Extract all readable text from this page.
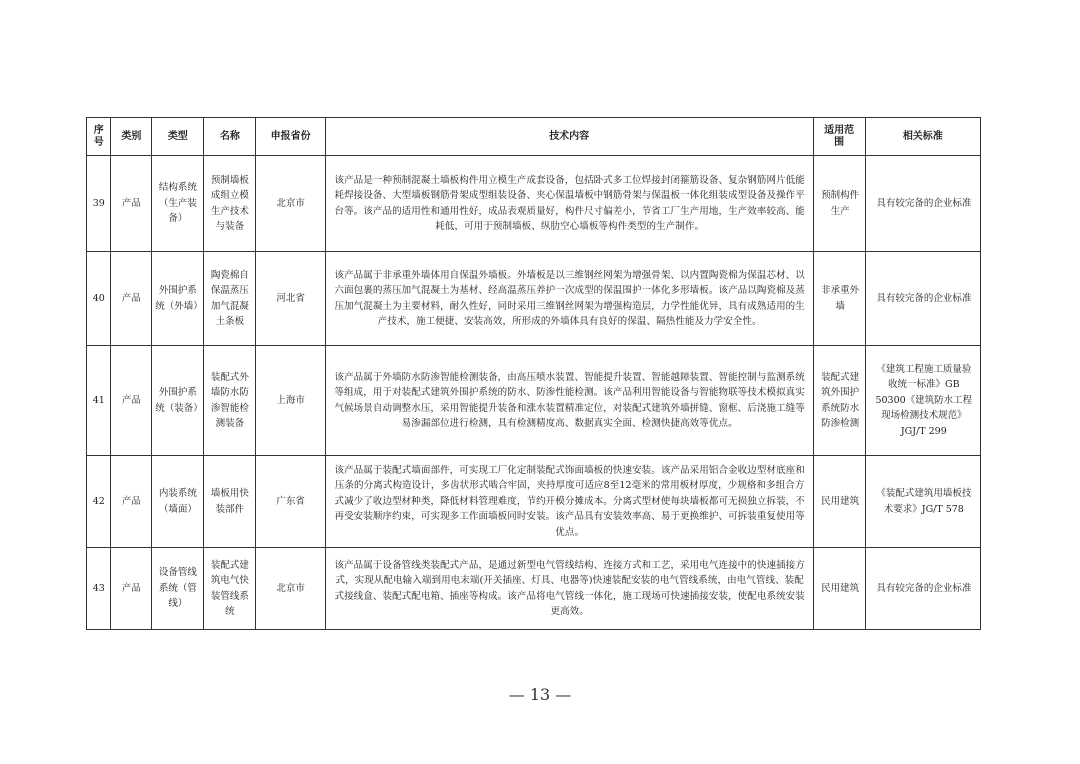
序号	类别	类型	名称	申报省份	技术内容	适用范围	相关标准
39	产品	结构系统（生产装备）	预制墙板成组立模生产技术与装备	北京市	该产品是一种预制混凝土墙板构件用立模生产成套设备，包括卧式多工位焊接封闭箍筋设备、复杂钢筋网片低能耗焊接设备、大型墙板钢筋骨架成型组装设备、夹心保温墙板中钢筋骨架与保温板一体化组装成型设备及操作平台等。该产品的适用性和通用性好，成品表观质量好，构件尺寸偏差小，节省工厂生产用地，生产效率较高、能耗低，可用于预制墙板、纵肋空心墙板等构件类型的生产制作。	预制构件生产	具有较完备的企业标准
40	产品	外围护系统（外墙）	陶瓷棉自保温蒸压加气混凝土条板	河北省	该产品属于非承重外墙体用自保温外墙板。外墙板是以三维钢丝网架为增强骨架、以内置陶瓷棉为保温芯材、以六面包裹的蒸压加气混凝土为基材、经高温蒸压养护一次成型的保温围护一体化多形墙板。该产品以陶瓷棉及蒸压加气混凝土为主要材料，耐久性好，同时采用三维钢丝网架为增强构造层，力学性能优异，具有成熟适用的生产技术，施工便捷、安装高效，所形成的外墙体具有良好的保温、隔热性能及力学安全性。	非承重外墙	具有较完备的企业标准
41	产品	外围护系统（装备）	装配式外墙防水防渗智能检测装备	上海市	该产品属于外墙防水防渗智能检测装备，由高压喷水装置、智能提升装置、智能越障装置、智能控制与监测系统等组成，用于对装配式建筑外围护系统的防水、防渗性能检测。该产品利用智能设备与智能物联等技术模拟真实气候场景自动调整水压，采用智能提升装备和涨水装置精准定位，对装配式建筑外墙拼缝、窗框、后浇施工缝等易渗漏部位进行检测，具有检测精度高、数据真实全面、检测快捷高效等优点。	装配式建筑外围护系统防水防渗检测	《建筑工程施工质量验收统一标准》GB 50300《建筑防水工程现场检测技术规范》JGJ/T 299
42	产品	内装系统（墙面）	墙板用快装部件	广东省	该产品属于装配式墙面部件，可实现工厂化定制装配式饰面墙板的快速安装。该产品采用铝合金收边型材底座和压条的分离式构造设计，多齿状形式啮合牢固，夹持厚度可适应8至12毫米的常用板材厚度，少规格和多组合方式减少了收边型材种类，降低材料管理难度，节约开模分摊成本。分离式型材使每块墙板都可无损独立拆装，不再受安装顺序约束，可实现多工作面墙板同时安装。该产品具有安装效率高、易于更换维护、可拆装重复使用等优点。	民用建筑	《装配式建筑用墙板技术要求》JG/T 578
43	产品	设备管线系统（管线）	装配式建筑电气快装管线系统	北京市	该产品属于设备管线类装配式产品，是通过新型电气管线结构、连接方式和工艺，采用电气连接中的快速插接方式，实现从配电输入端到用电末端(开关插座、灯具、电器等)快速装配安装的电气管线系统，由电气管线、装配式接线盒、装配式配电箱、插座等构成。该产品将电气管线一体化，施工现场可快速插接安装，使配电系统安装更高效。	民用建筑	具有较完备的企业标准
— 13 —
